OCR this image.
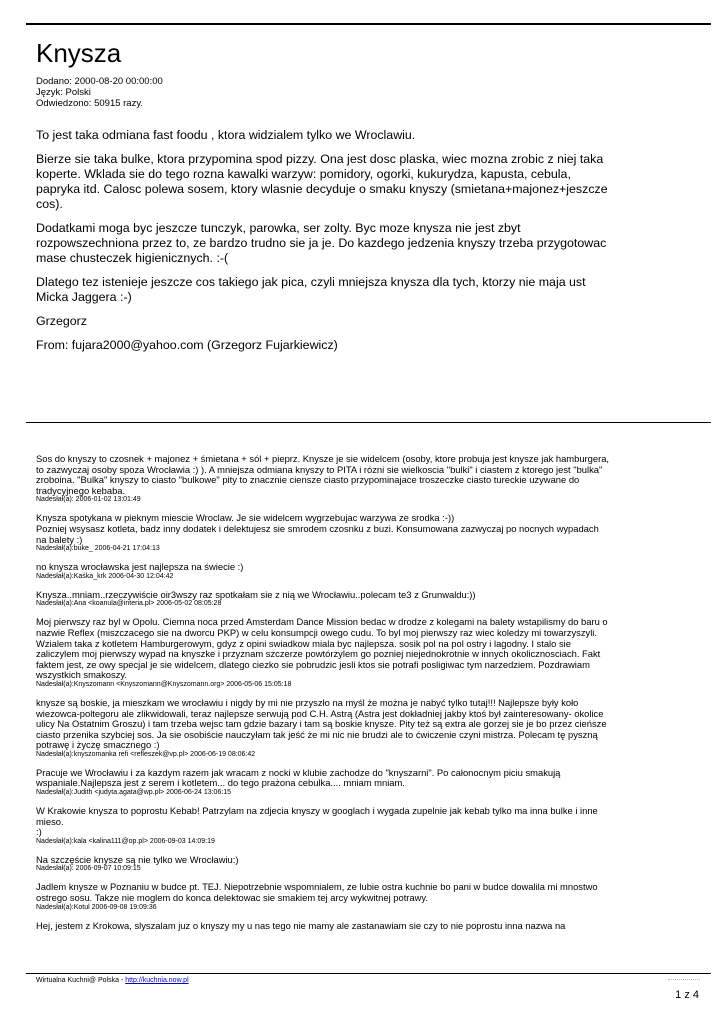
Knysza
Dodano: 2000-08-20 00:00:00
Język: Polski
Odwiedzono: 50915 razy.

To jest taka odmiana fast foodu , ktora widzialem tylko we Wroclawiu.

Bierze sie taka bulke, ktora przypomina spod pizzy. Ona jest dosc plaska, wiec mozna zrobic z niej taka koperte. Wklada sie do tego rozna kawalki warzyw: pomidory, ogorki, kukurydza, kapusta, cebula, papryka itd. Calosc polewa sosem, ktory wlasnie decyduje o smaku knyszy (smietana+majonez+jeszcze cos).

Dodatkami moga byc jeszcze tunczyk, parowka, ser zolty. Byc moze knysza nie jest zbyt rozpowszechniona przez to, ze bardzo trudno sie ja je. Do kazdego jedzenia knyszy trzeba przygotowac mase chusteczek higienicznych. :-(

Dlatego tez istenieje jeszcze cos takiego jak pica, czyli mniejsza knysza dla tych, ktorzy nie maja ust Micka Jaggera :-)

Grzegorz

From: fujara2000@yahoo.com (Grzegorz Fujarkiewicz)

Sos do knyszy to czosnek + majonez + śmietana + sól + pieprz. Knysze je sie widelcem (osoby, ktore probuja jest knysze jak hamburgera, to zazwyczaj osoby spoza Wrocławia :) ). A mniejsza odmiana knyszy to PITA i rózni sie wielkoscia "bulki" i ciastem z ktorego jest "bulka" zroboina. "Bulka" knyszy to ciasto "bulkowe" pity to znacznie ciensze ciasto przypominajace troszeczke ciasto tureckie uzywane do tradycyjnego kebaba.
Nadesłał(a): 2006-01-02 13:01:49
Knysza spotykana w pieknym miescie Wroclaw. Je sie widelcem wygrzebujac warzywa ze srodka :-))
Pozniej wsysasz kotleta, badz inny dodatek i delektujesz sie smrodem czosnku z buzi. Konsumowana zazwyczaj po nocnych wypadach na balety :)
Nadesłał(a):buke_ 2006-04-21 17:04:13
no knysza wrocławska jest najlepsza na świecie :)
Nadesłał(a):Kaśka_krk 2006-04-30 12:04:42
Knysza..mniam..rzeczywiście oir3wszy raz spotkałam sie z nią we Wrocławiu..polecam te3 z Grunwaldu:))
Nadesłał(a):Ana <koanula@interia.pl> 2006-05-02 08:05:28
Moj pierwszy raz byl w Opolu. Ciemna noca przed Amsterdam Dance Mission bedac w drodze z kolegami na balety wstapilismy do baru o nazwie Reflex (miszczacego sie na dworcu PKP) w celu konsumpcji owego cudu. To byl moj pierwszy raz wiec koledzy mi towarzyszyli. Wzialem taka z kotletem Hamburgerowym, gdyz z opini swiadkow miala byc najlepsza. sosik pol na pol ostry i lagodny. I stalo sie zaliczylem moj pierwszy wypad na knyszke i przyznam szczerze powtórzylem go pozniej niejednokrotnie w innych okolicznosciach. Fakt faktem jest, ze owy specjal je sie widelcem, dlatego ciezko sie pobrudzic jesli ktos sie potrafi posligiwac tym narzedziem. Pozdrawiam wszystkich smakoszy.
Nadesłał(a):Knyszomann <Knyszomann@Knyszomann.org> 2006-05-06 15:05:18
knysze są boskie, ja mieszkam we wrocławiu i nigdy by mi nie przyszło na myśl że można je nabyć tylko tutaj!!! Najlepsze były koło wiezowca-poltegoru ale zlikwidowali, teraz najlepsze serwują pod C.H. Astrą (Astra jest dokładniej jakby ktoś był zainteresowany- okolice ulicy Na Ostatnim Groszu) i tam trzeba wejsc tam gdzie bazary i tam są boskie knysze. Pity też są extra ale gorzej sie je bo przez cieńsze ciasto przenika szybciej sos. Ja sie osobiście nauczyłam tak jeść że mi nic nie brudzi ale to ćwiczenie czyni mistrza. Polecam tę pyszną potrawę i życzę smacznego :)
Nadesłał(a):knyszomanka refi <refleszek@vp.pl> 2006-06-19 08:06:42
Pracuje we Wrocławiu i za kazdym razem jak wracam z nocki w klubie zachodze do "knyszarni". Po całonocnym piciu smakują wspaniale.Najlepsza jest z serem i kotletem... do tego prażona cebulka.... mniam mniam.
Nadesłał(a):Judith <judyta.agata@wp.pl> 2006-06-24 13:06:15
W Krakowie knysza to poprostu Kebab! Patrzylam na zdjecia knyszy w googlach i wygada zupelnie jak kebab tylko ma inna bulke i inne mieso.
:)
Nadesłał(a):kala <kalina111@op.pl> 2006-09-03 14:09:19
Na szczęście knysze są nie tylko we Wrocławiu:)
Nadesłał(a): 2006-09-07 10:09:15
Jadlem knysze w Poznaniu w budce pt. TEJ. Niepotrzebnie wspomnialem, ze lubie ostra kuchnie bo pani w budce dowalila mi mnostwo ostrego sosu. Takze nie moglem do konca delektowac sie smakiem tej arcy wykwitnej potrawy.
Nadesłał(a):Kotul 2006-09-08 19:09:36
Hej, jestem z Krokowa, slyszalam juz o knyszy my u nas tego nie mamy ale zastanawiam sie czy to nie poprostu inna nazwa na
Wirtualna Kuchni@ Polska - http://kuchnia.now.pl
1 z 4
